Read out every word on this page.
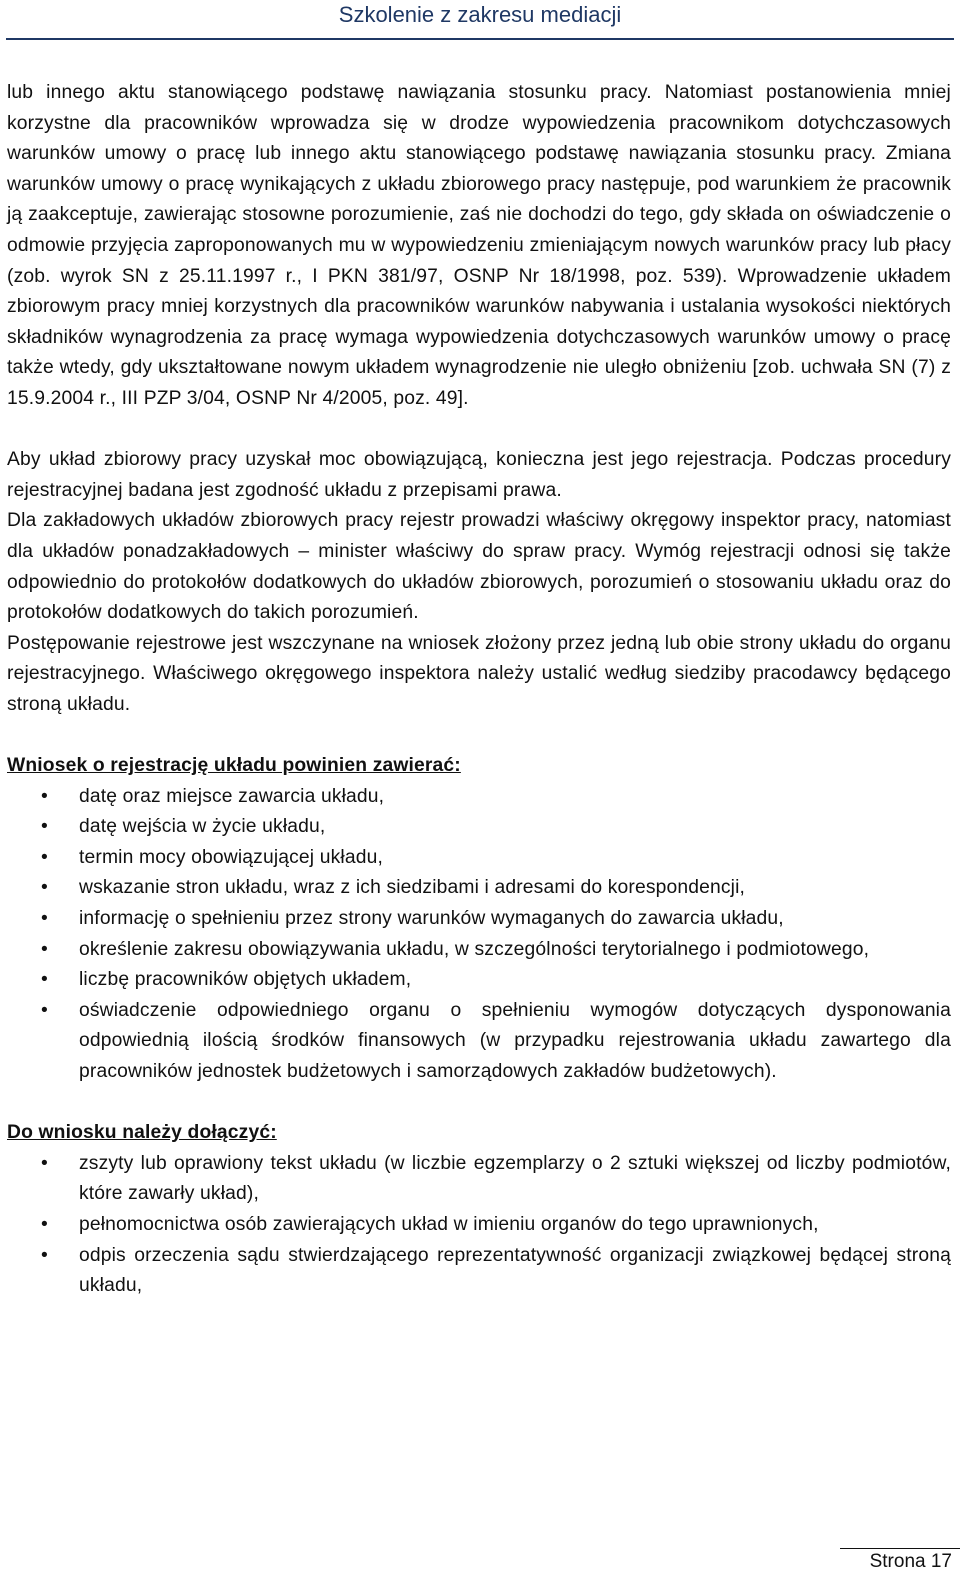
Szkolenie z zakresu mediacji

lub innego aktu stanowiącego podstawę nawiązania stosunku pracy. Natomiast postanowienia mniej korzystne dla pracowników wprowadza się w drodze wypowiedzenia pracownikom dotychczasowych warunków umowy o pracę lub innego aktu stanowiącego podstawę nawiązania stosunku pracy. Zmiana warunków umowy o pracę wynikających z układu zbiorowego pracy następuje, pod warunkiem że pracownik ją zaakceptuje, zawierając stosowne porozumienie, zaś nie dochodzi do tego, gdy składa on oświadczenie o odmowie przyjęcia zaproponowanych mu w wypowiedzeniu zmieniającym nowych warunków pracy lub płacy (zob. wyrok SN z 25.11.1997 r., I PKN 381/97, OSNP Nr 18/1998, poz. 539). Wprowadzenie układem zbiorowym pracy mniej korzystnych dla pracowników warunków nabywania i ustalania wysokości niektórych składników wynagrodzenia za pracę wymaga wypowiedzenia dotychczasowych warunków umowy o pracę także wtedy, gdy ukształtowane nowym układem wynagrodzenie nie uległo obniżeniu [zob. uchwała SN (7) z 15.9.2004 r., III PZP 3/04, OSNP Nr 4/2005, poz. 49].

Aby układ zbiorowy pracy uzyskał moc obowiązującą, konieczna jest jego rejestracja. Podczas procedury rejestracyjnej badana jest zgodność układu z przepisami prawa.

Dla zakładowych układów zbiorowych pracy rejestr prowadzi właściwy okręgowy inspektor pracy, natomiast dla układów ponadzakładowych – minister właściwy do spraw pracy. Wymóg rejestracji odnosi się także odpowiednio do protokołów dodatkowych do układów zbiorowych, porozumień o stosowaniu układu oraz do protokołów dodatkowych do takich porozumień.

Postępowanie rejestrowe jest wszczynane na wniosek złożony przez jedną lub obie strony układu do organu rejestracyjnego. Właściwego okręgowego inspektora należy ustalić według siedziby pracodawcy będącego stroną układu.

Wniosek o rejestrację układu powinien zawierać:
• datę oraz miejsce zawarcia układu,
• datę wejścia w życie układu,
• termin mocy obowiązującej układu,
• wskazanie stron układu, wraz z ich siedzibami i adresami do korespondencji,
• informację o spełnieniu przez strony warunków wymaganych do zawarcia układu,
• określenie zakresu obowiązywania układu, w szczególności terytorialnego i podmiotowego,
• liczbę pracowników objętych układem,
• oświadczenie odpowiedniego organu o spełnieniu wymogów dotyczących dysponowania odpowiednią ilością środków finansowych (w przypadku rejestrowania układu zawartego dla pracowników jednostek budżetowych i samorządowych zakładów budżetowych).
Do wniosku należy dołączyć:
• zszyty lub oprawiony tekst układu (w liczbie egzemplarzy o 2 sztuki większej od liczby podmiotów, które zawarły układ),
• pełnomocnictwa osób zawierających układ w imieniu organów do tego uprawnionych,
• odpis orzeczenia sądu stwierdzającego reprezentatywność organizacji związkowej będącej stroną układu,
Strona 17
